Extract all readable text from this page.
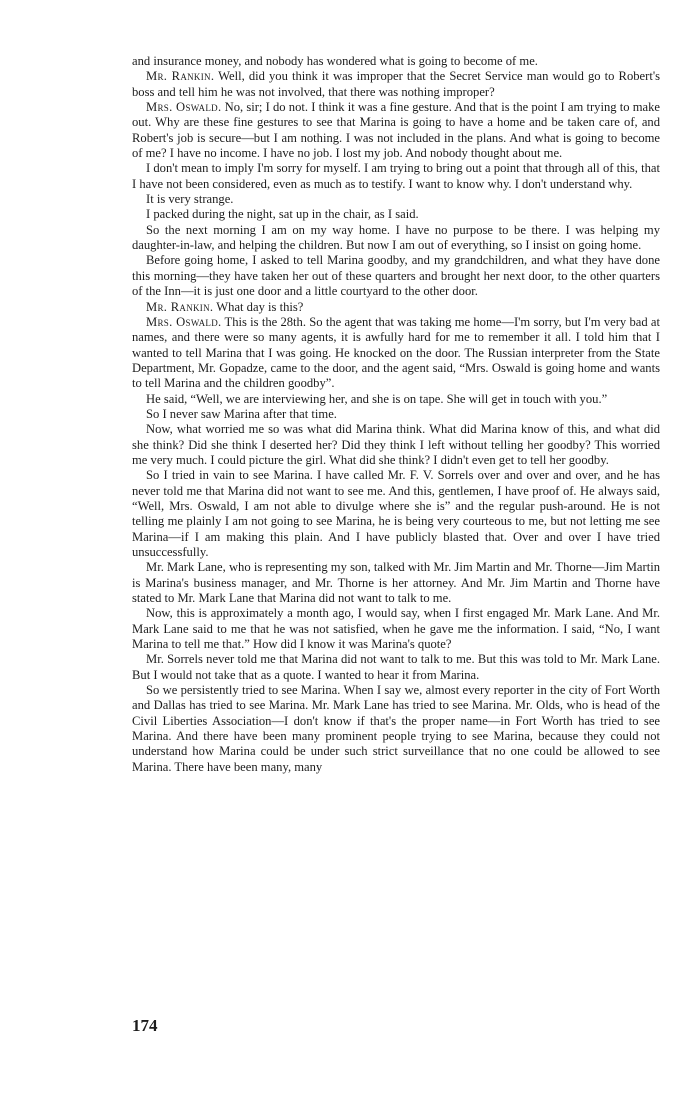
and insurance money, and nobody has wondered what is going to become of me.

Mr. Rankin. Well, did you think it was improper that the Secret Service man would go to Robert's boss and tell him he was not involved, that there was nothing improper?

Mrs. Oswald. No, sir; I do not. I think it was a fine gesture. And that is the point I am trying to make out. Why are these fine gestures to see that Marina is going to have a home and be taken care of, and Robert's job is secure—but I am nothing. I was not included in the plans. And what is going to become of me? I have no income. I have no job. I lost my job. And nobody thought about me.

I don't mean to imply I'm sorry for myself. I am trying to bring out a point that through all of this, that I have not been considered, even as much as to testify. I want to know why. I don't understand why.

It is very strange.

I packed during the night, sat up in the chair, as I said.

So the next morning I am on my way home. I have no purpose to be there. I was helping my daughter-in-law, and helping the children. But now I am out of everything, so I insist on going home.

Before going home, I asked to tell Marina goodby, and my grandchildren, and what they have done this morning—they have taken her out of these quarters and brought her next door, to the other quarters of the Inn—it is just one door and a little courtyard to the other door.

Mr. Rankin. What day is this?

Mrs. Oswald. This is the 28th. So the agent that was taking me home—I'm sorry, but I'm very bad at names, and there were so many agents, it is awfully hard for me to remember it all. I told him that I wanted to tell Marina that I was going. He knocked on the door. The Russian interpreter from the State Department, Mr. Gopadze, came to the door, and the agent said, “Mrs. Oswald is going home and wants to tell Marina and the children goodby”.

He said, “Well, we are interviewing her, and she is on tape. She will get in touch with you.”

So I never saw Marina after that time.

Now, what worried me so was what did Marina think. What did Marina know of this, and what did she think? Did she think I deserted her? Did they think I left without telling her goodby? This worried me very much. I could picture the girl. What did she think? I didn't even get to tell her goodby.

So I tried in vain to see Marina. I have called Mr. F. V. Sorrels over and over and over, and he has never told me that Marina did not want to see me. And this, gentlemen, I have proof of. He always said, “Well, Mrs. Oswald, I am not able to divulge where she is” and the regular push-around. He is not telling me plainly I am not going to see Marina, he is being very courteous to me, but not letting me see Marina—if I am making this plain. And I have publicly blasted that. Over and over I have tried unsuccessfully.

Mr. Mark Lane, who is representing my son, talked with Mr. Jim Martin and Mr. Thorne—Jim Martin is Marina's business manager, and Mr. Thorne is her attorney. And Mr. Jim Martin and Thorne have stated to Mr. Mark Lane that Marina did not want to talk to me.

Now, this is approximately a month ago, I would say, when I first engaged Mr. Mark Lane. And Mr. Mark Lane said to me that he was not satisfied, when he gave me the information. I said, “No, I want Marina to tell me that.” How did I know it was Marina's quote?

Mr. Sorrels never told me that Marina did not want to talk to me. But this was told to Mr. Mark Lane. But I would not take that as a quote. I wanted to hear it from Marina.

So we persistently tried to see Marina. When I say we, almost every reporter in the city of Fort Worth and Dallas has tried to see Marina. Mr. Mark Lane has tried to see Marina. Mr. Olds, who is head of the Civil Liberties Association—I don't know if that's the proper name—in Fort Worth has tried to see Marina. And there have been many prominent people trying to see Marina, because they could not understand how Marina could be under such strict surveillance that no one could be allowed to see Marina. There have been many, many

174
